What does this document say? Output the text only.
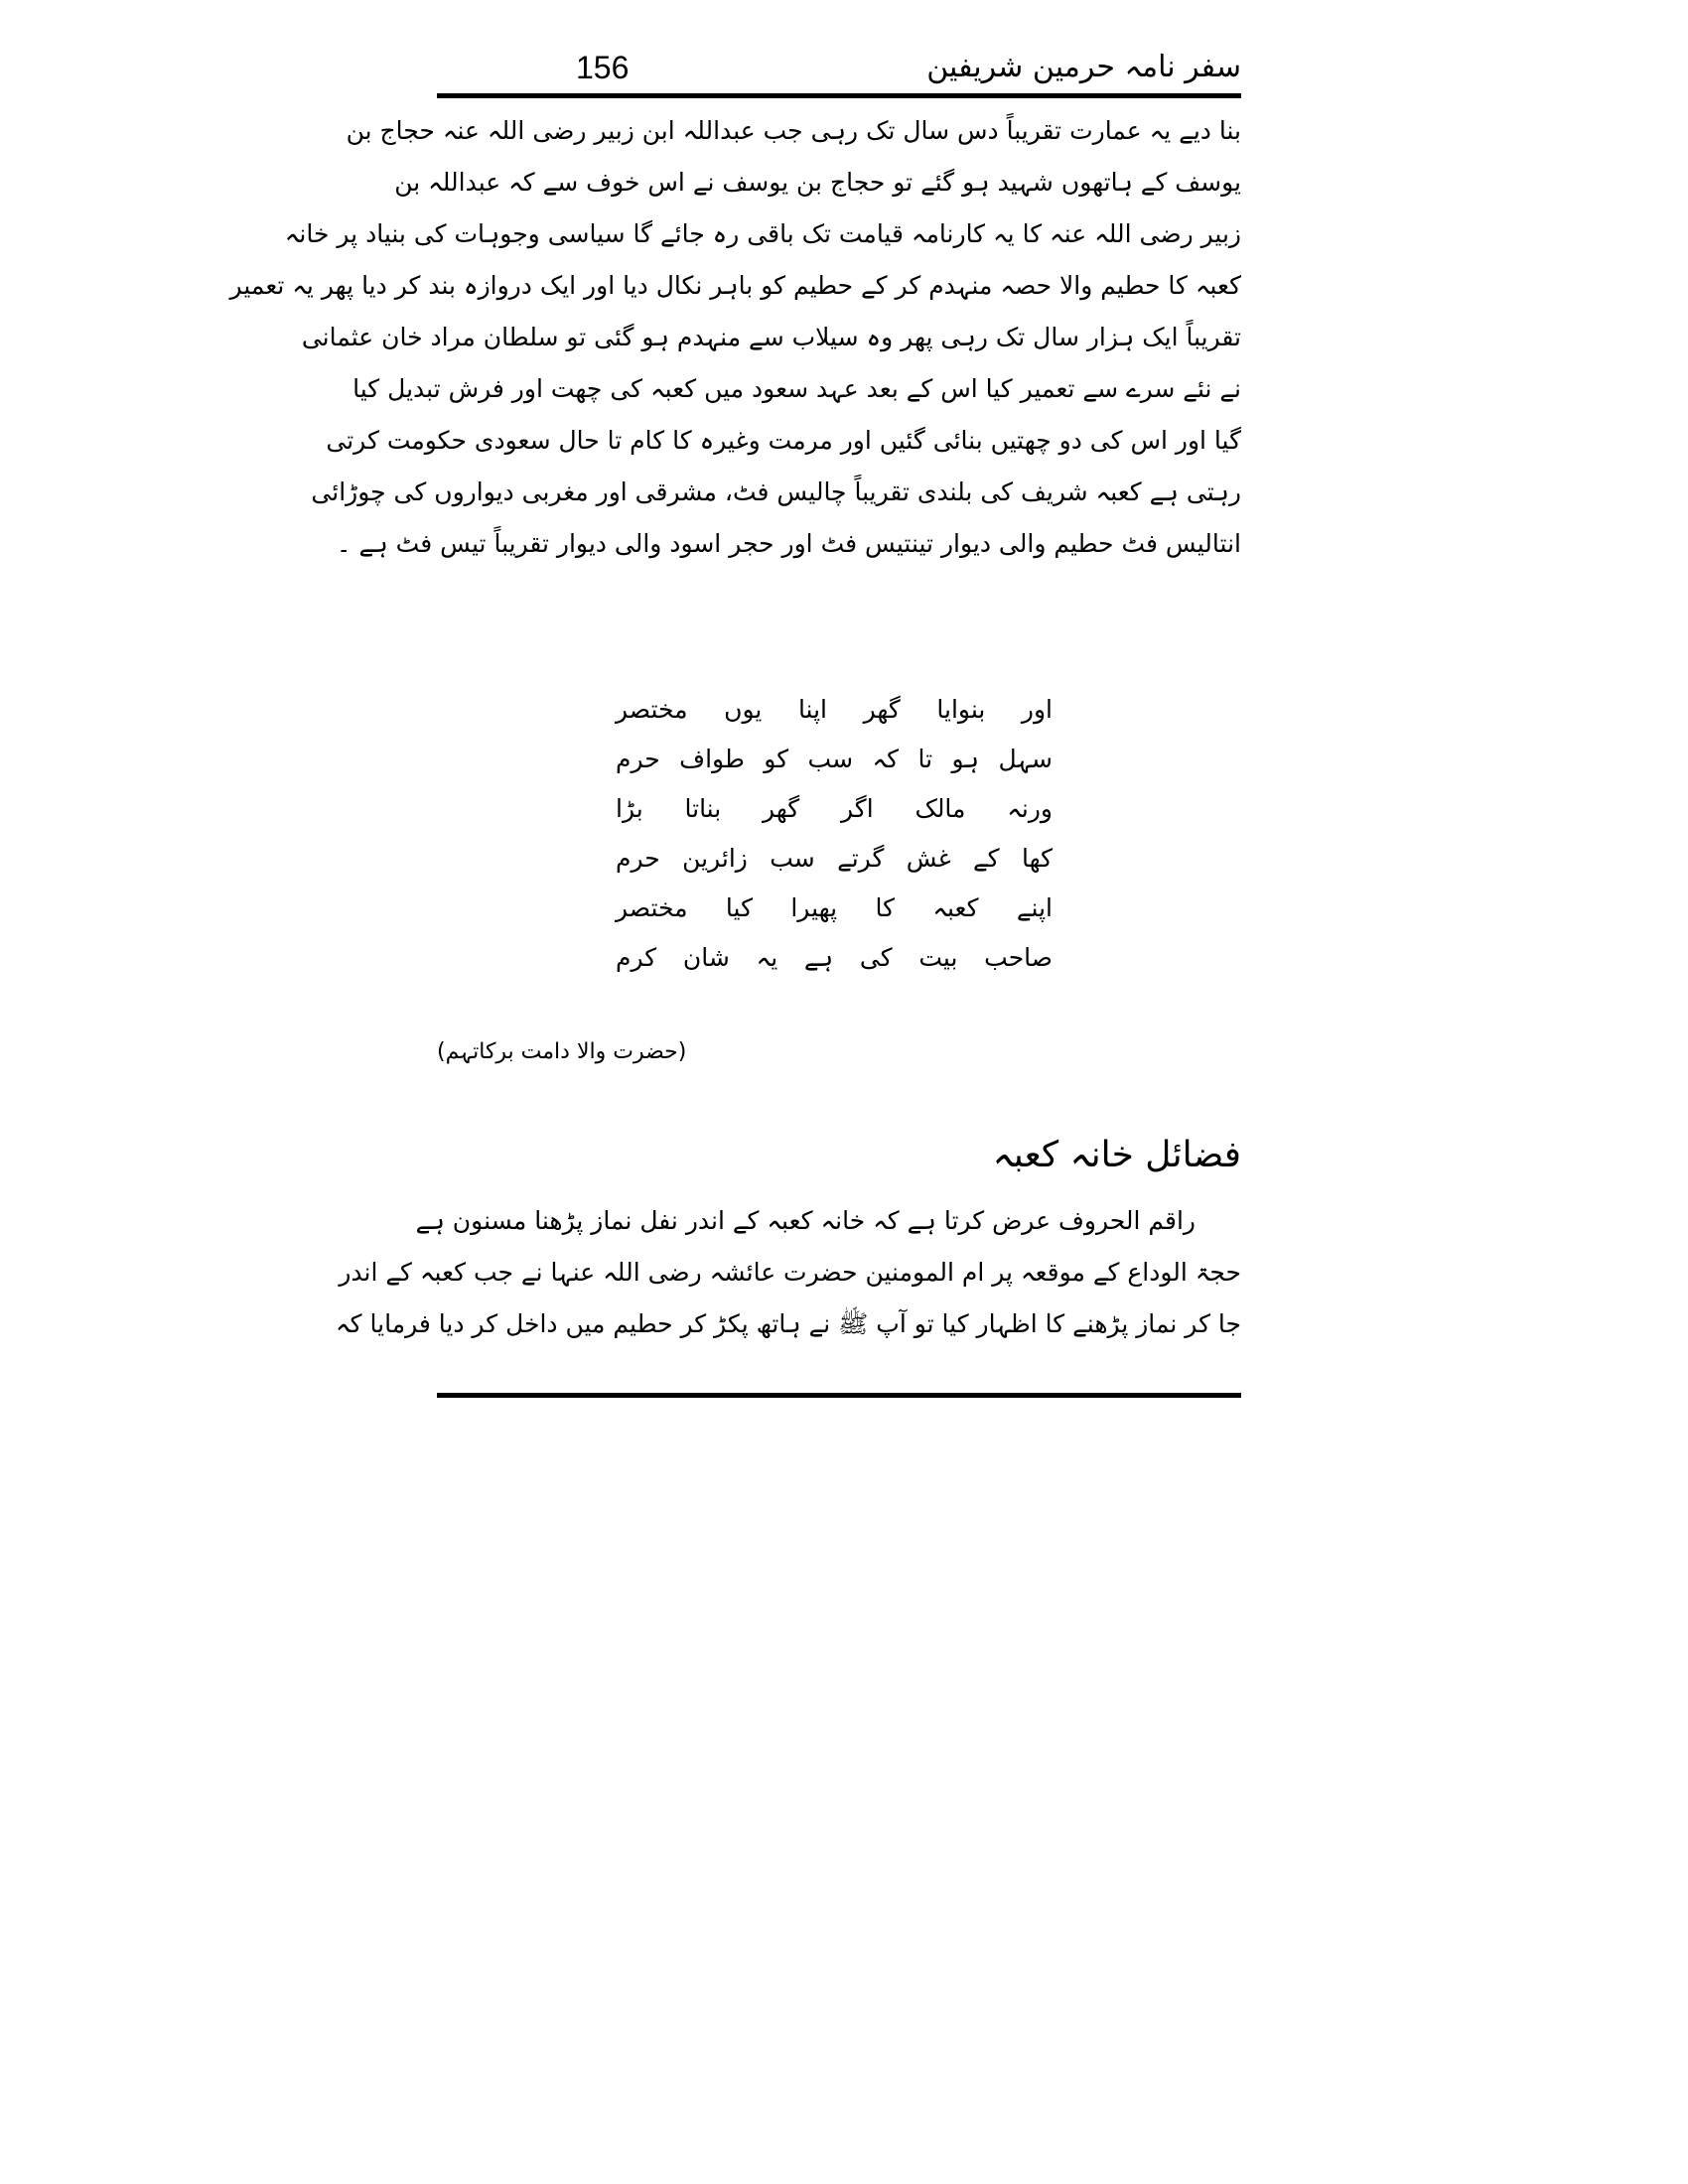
156	سفر نامہ حرمین شریفین
بنا دیے یہ عمارت تقریباً دس سال تک رہی جب عبداللہ ابن زبیر رضی اللہ عنہ حجاج بن
یوسف کے ہاتھوں شہید ہو گئے تو حجاج بن یوسف نے اس خوف سے کہ عبداللہ بن
زبیر رضی اللہ عنہ کا یہ کارنامہ قیامت تک باقی رہ جائے گا سیاسی وجوہات کی بنیاد پر خانہ
کعبہ کا حطیم والا حصہ منہدم کر کے حطیم کو باہر نکال دیا اور ایک دروازہ بند کر دیا پھر یہ تعمیر
تقریباً ایک ہزار سال تک رہی پھر وہ سیلاب سے منہدم ہو گئی تو سلطان مراد خان عثمانی
نے نئے سرے سے تعمیر کیا اس کے بعد عہد سعود میں کعبہ کی چھت اور فرش تبدیل کیا
گیا اور اس کی دو چھتیں بنائی گئیں اور مرمت وغیرہ کا کام تا حال سعودی حکومت کرتی
رہتی ہے کعبہ شریف کی بلندی تقریباً چالیس فٹ، مشرقی اور مغربی دیواروں کی چوڑائی
انتالیس فٹ حطیم والی دیوار تینتیس فٹ اور حجر اسود والی دیوار تقریباً تیس فٹ ہے ۔
اور بنوایا گھر اپنا یوں مختصر
سہل ہو تا کہ سب کو طواف حرم
ورنہ مالک اگر گھر بناتا بڑا
کھا کے غش گرتے سب زائرین حرم
اپنے کعبہ کا پھیرا کیا مختصر
صاحب بیت کی ہے یہ شان کرم
(حضرت والا دامت برکاتہم)
فضائل خانہ کعبہ
راقم الحروف عرض کرتا ہے کہ خانہ کعبہ کے اندر نفل نماز پڑھنا مسنون ہے
حجۃ الوداع کے موقعہ پر ام المومنین حضرت عائشہ رضی اللہ عنہا نے جب کعبہ کے اندر
جا کر نماز پڑھنے کا اظہار کیا تو آپ ﷺ نے ہاتھ پکڑ کر حطیم میں داخل کر دیا فرمایا کہ
